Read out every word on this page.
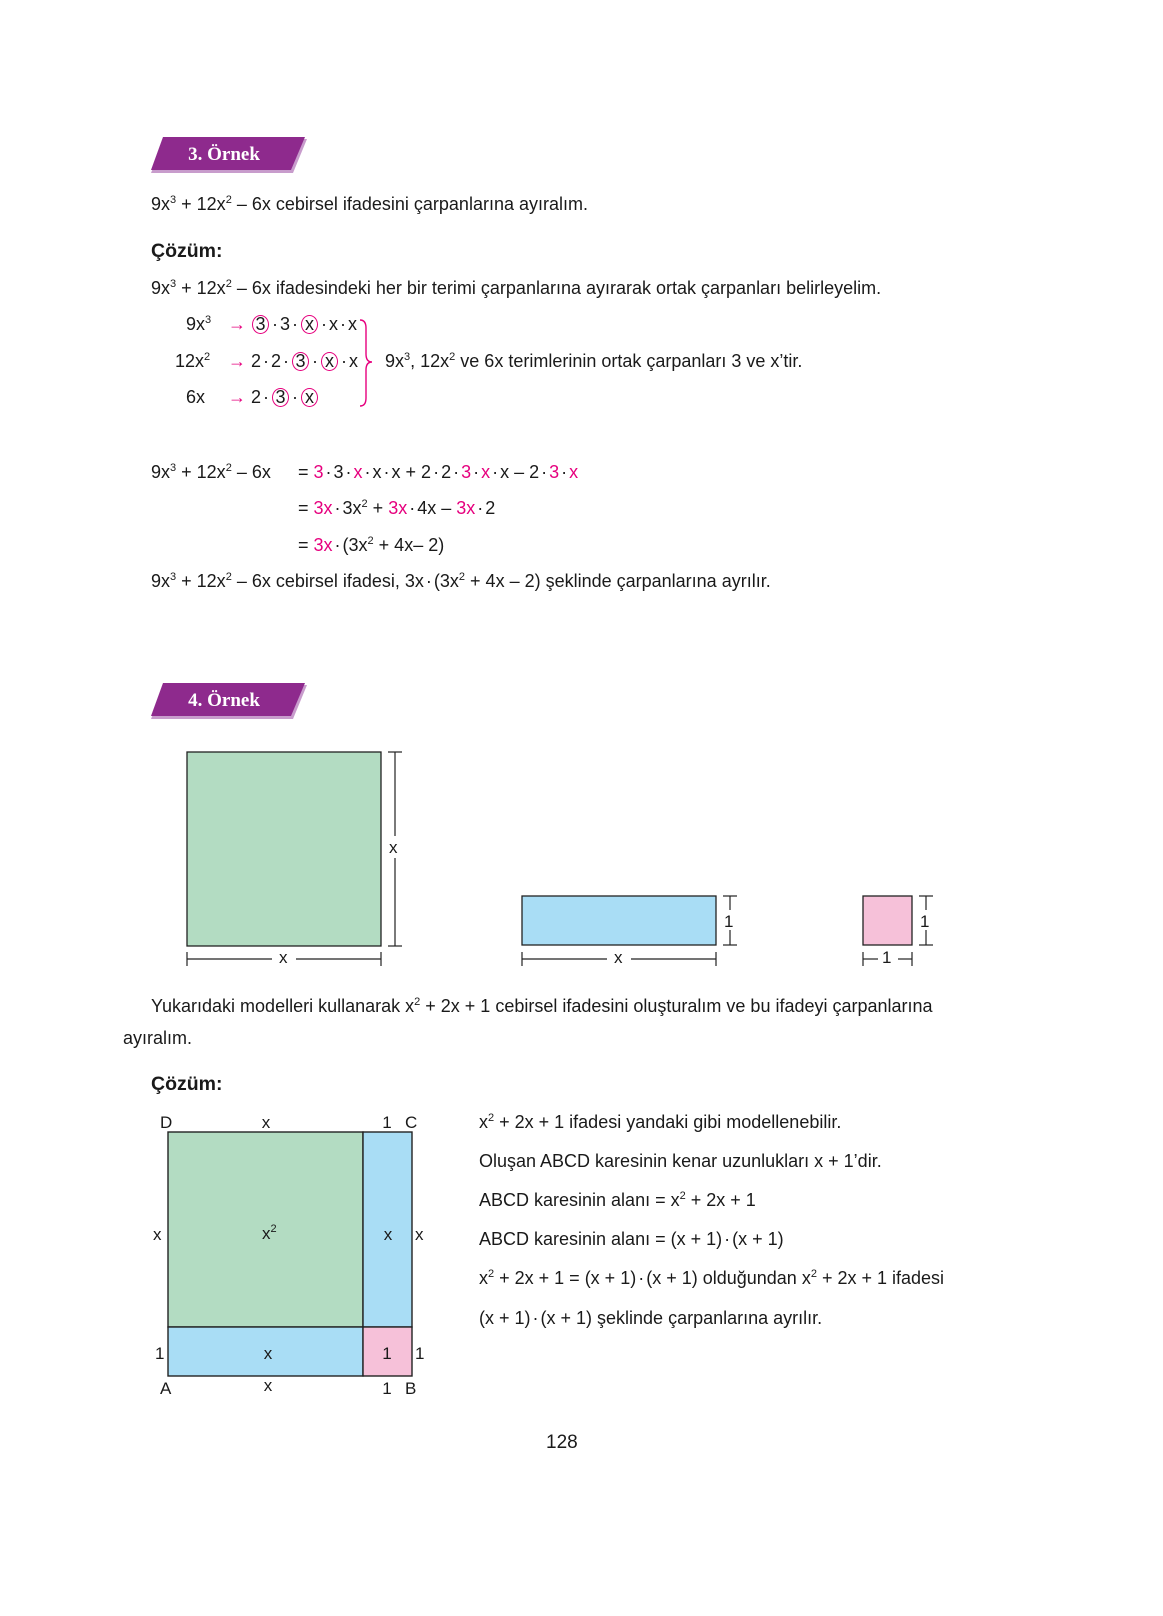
3. Örnek
$9x^3 + 12x^2 - 6x$ cebirsel ifadesini çarpanlarına ayıralım.
Çözüm:
$9x^3 + 12x^2 - 6x$ ifadesindeki her bir terimi çarpanlarına ayırarak ortak çarpanları belirleyelim.
$9x^3 \to 3 \cdot 3 \cdot x \cdot x \cdot x$
$12x^2 \to 2 \cdot 2 \cdot 3 \cdot x \cdot x$
6x → 2 · 3 · x
$9x^3$, $12x^2$ ve 6x terimlerinin ortak çarpanları 3 ve x’tir.
$9x^3 + 12x^2 - 6x = 3 \cdot 3 \cdot x \cdot x \cdot x + 2 \cdot 2 \cdot 3 \cdot x \cdot x - 2 \cdot 3 \cdot x$
= $3x \cdot 3x^2 + 3x \cdot 4x - 3x \cdot 2$
= $3x \cdot (3x^2 + 4x-$ 2)
$9x^3 + 12x^2 - 6x$ cebirsel ifadesi, $3x \cdot (3x^2 + 4x - 2)$ şeklinde çarpanlarına ayrılır.
4. Örnek
x
x
1
x
1
1
Yukarıdaki modelleri kullanarak $x^2 + 2x + 1$ cebirsel ifadesini oluşturalım ve bu ifadeyi çarpanlarına
ayıralım.
Çözüm:
D	C
A	B
x	1
x	1
x
1
x
1
$x^2$	x
x	1
$x^2 + 2x + 1$ ifadesi yandaki gibi modellenebilir.
Oluşan ABCD karesinin kenar uzunlukları x + 1’dir.
ABCD karesinin alanı = $x^2 + 2x + 1$
ABCD karesinin alanı = (x + 1) · (x + 1)
$x^2 + 2x + 1 = (x + 1) \cdot (x + 1)$ olduğundan $x^2 + 2x + 1$ ifadesi
(x + 1) · (x + 1) şeklinde çarpanlarına ayrılır.
128
